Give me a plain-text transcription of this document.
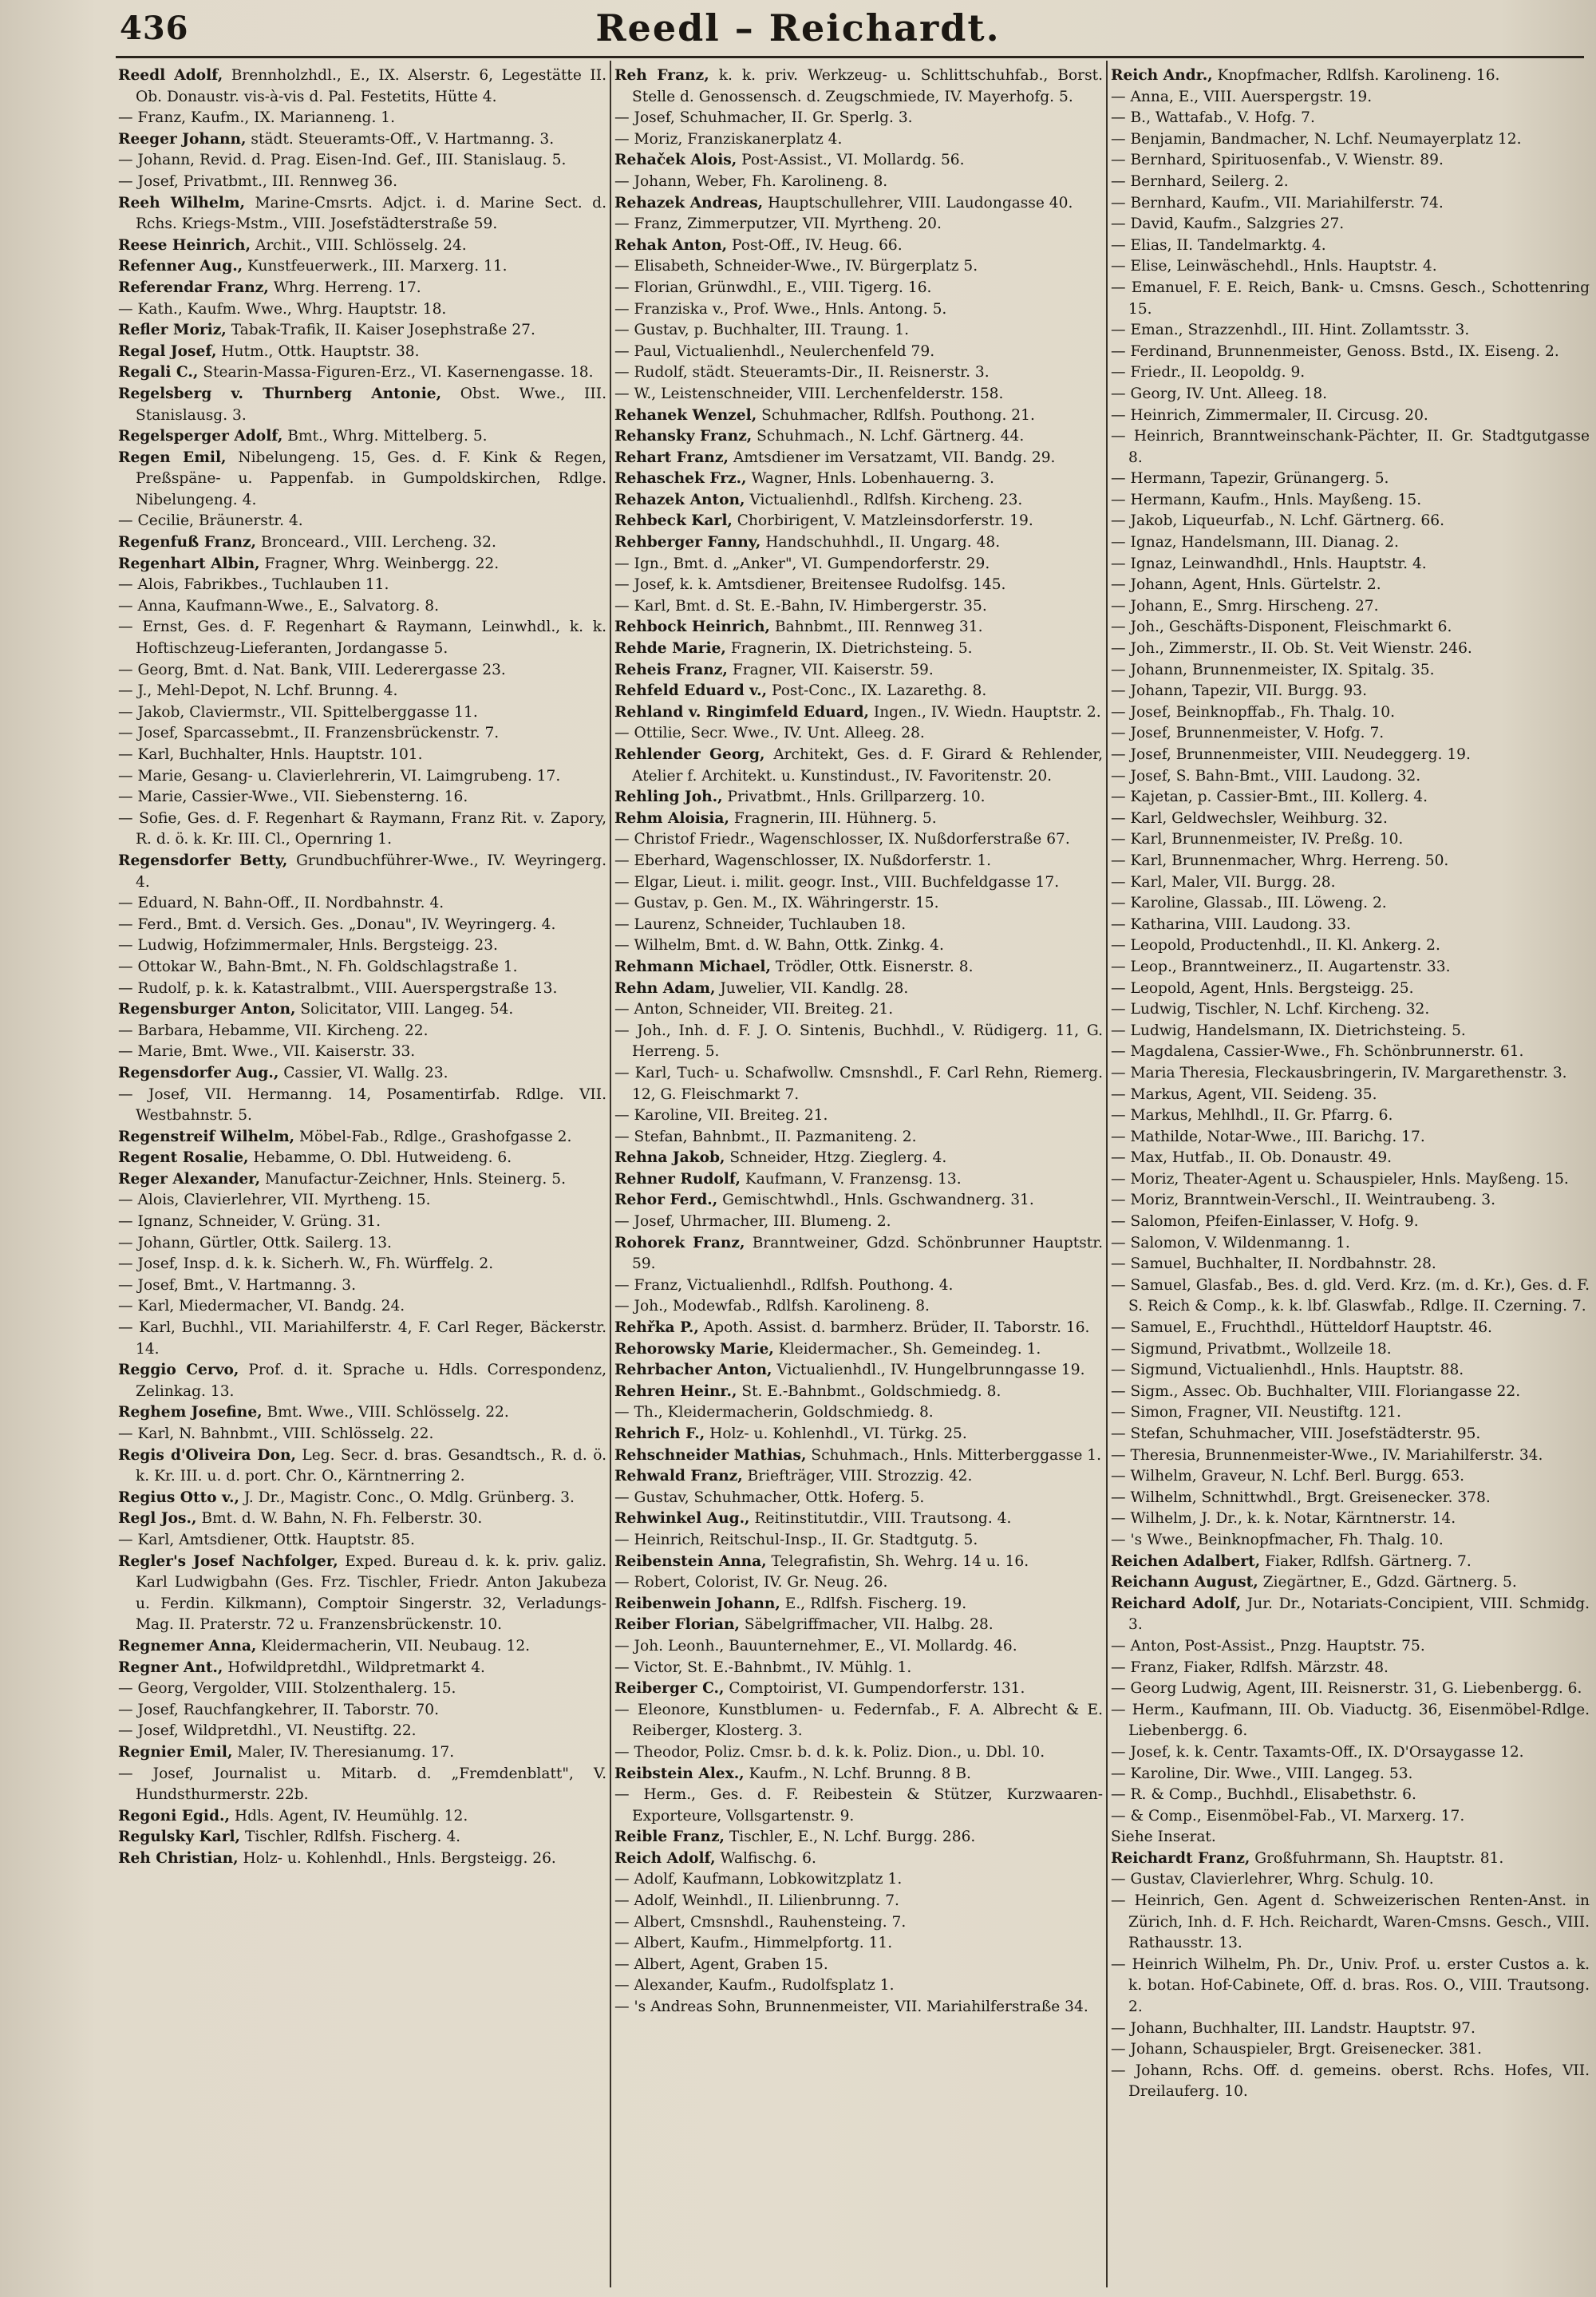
436	Reedl – Reichardt.

Reedl Adolf, Brennholzhdl., E., IX. Alserstr. 6, Legestätte II. Ob. Donaustr. vis-à-vis d. Pal. Festetits, Hütte 4.

— Franz, Kaufm., IX. Marianneng. 1.

Reeger Johann, städt. Steueramts-Off., V. Hartmanng. 3.

— Johann, Revid. d. Prag. Eisen-Ind. Gef., III. Stanislaug. 5.

— Josef, Privatbmt., III. Rennweg 36.

Reeh Wilhelm, Marine-Cmsrts. Adjct. i. d. Marine Sect. d. Rchs. Kriegs-Mstm., VIII. Josefstädterstraße 59.

Reese Heinrich, Archit., VIII. Schlösselg. 24.

Refenner Aug., Kunstfeuerwerk., III. Marxerg. 11.

Referendar Franz, Whrg. Herreng. 17.

— Kath., Kaufm. Wwe., Whrg. Hauptstr. 18.

Refler Moriz, Tabak-Trafik, II. Kaiser Josephstraße 27.

Regal Josef, Hutm., Ottk. Hauptstr. 38.

Regali C., Stearin-Massa-Figuren-Erz., VI. Kasernengasse. 18.

Regelsberg v. Thurnberg Antonie, Obst. Wwe., III. Stanislausg. 3.

Regelsperger Adolf, Bmt., Whrg. Mittelberg. 5.

Regen Emil, Nibelungeng. 15, Ges. d. F. Kink & Regen, Preßspäne- u. Pappenfab. in Gumpoldskirchen, Rdlge. Nibelungeng. 4.

— Cecilie, Bräunerstr. 4.

Regenfuß Franz, Bronceard., VIII. Lercheng. 32.

Regenhart Albin, Fragner, Whrg. Weinbergg. 22.

— Alois, Fabrikbes., Tuchlauben 11.

— Anna, Kaufmann-Wwe., E., Salvatorg. 8.

— Ernst, Ges. d. F. Regenhart & Raymann, Leinwhdl., k. k. Hoftischzeug-Lieferanten, Jordangasse 5.

— Georg, Bmt. d. Nat. Bank, VIII. Lederergasse 23.

— J., Mehl-Depot, N. Lchf. Brunng. 4.

— Jakob, Claviermstr., VII. Spittelberggasse 11.

— Josef, Sparcassebmt., II. Franzensbrückenstr. 7.

— Karl, Buchhalter, Hnls. Hauptstr. 101.

— Marie, Gesang- u. Clavierlehrerin, VI. Laimgrubeng. 17.

— Marie, Cassier-Wwe., VII. Siebensterng. 16.

— Sofie, Ges. d. F. Regenhart & Raymann, Franz Rit. v. Zapory, R. d. ö. k. Kr. III. Cl., Opernring 1.

Regensdorfer Betty, Grundbuchführer-Wwe., IV. Weyringerg. 4.

— Eduard, N. Bahn-Off., II. Nordbahnstr. 4.

— Ferd., Bmt. d. Versich. Ges. „Donau", IV. Weyringerg. 4.

— Ludwig, Hofzimmermaler, Hnls. Bergsteigg. 23.

— Ottokar W., Bahn-Bmt., N. Fh. Goldschlagstraße 1.

— Rudolf, p. k. k. Katastralbmt., VIII. Auerspergstraße 13.

Regensburger Anton, Solicitator, VIII. Langeg. 54.

— Barbara, Hebamme, VII. Kircheng. 22.

— Marie, Bmt. Wwe., VII. Kaiserstr. 33.

Regensdorfer Aug., Cassier, VI. Wallg. 23.

— Josef, VII. Hermanng. 14, Posamentirfab. Rdlge. VII. Westbahnstr. 5.

Regenstreif Wilhelm, Möbel-Fab., Rdlge., Grashofgasse 2.

Regent Rosalie, Hebamme, O. Dbl. Hutweideng. 6.

Reger Alexander, Manufactur-Zeichner, Hnls. Steinerg. 5.

— Alois, Clavierlehrer, VII. Myrtheng. 15.

— Ignanz, Schneider, V. Grüng. 31.

— Johann, Gürtler, Ottk. Sailerg. 13.

— Josef, Insp. d. k. k. Sicherh. W., Fh. Würffelg. 2.

— Josef, Bmt., V. Hartmanng. 3.

— Karl, Miedermacher, VI. Bandg. 24.

— Karl, Buchhl., VII. Mariahilferstr. 4, F. Carl Reger, Bäckerstr. 14.

Reggio Cervo, Prof. d. it. Sprache u. Hdls. Correspondenz, Zelinkag. 13.

Reghem Josefine, Bmt. Wwe., VIII. Schlösselg. 22.

— Karl, N. Bahnbmt., VIII. Schlösselg. 22.

Regis d'Oliveira Don, Leg. Secr. d. bras. Gesandtsch., R. d. ö. k. Kr. III. u. d. port. Chr. O., Kärntnerring 2.

Regius Otto v., J. Dr., Magistr. Conc., O. Mdlg. Grünberg. 3.

Regl Jos., Bmt. d. W. Bahn, N. Fh. Felberstr. 30.

— Karl, Amtsdiener, Ottk. Hauptstr. 85.

Regler's Josef Nachfolger, Exped. Bureau d. k. k. priv. galiz. Karl Ludwigbahn (Ges. Frz. Tischler, Friedr. Anton Jakubeza u. Ferdin. Kilkmann), Comptoir Singerstr. 32, Verladungs-Mag. II. Praterstr. 72 u. Franzensbrückenstr. 10.

Regnemer Anna, Kleidermacherin, VII. Neubaug. 12.

Regner Ant., Hofwildpretdhl., Wildpretmarkt 4.

— Georg, Vergolder, VIII. Stolzenthalerg. 15.

— Josef, Rauchfangkehrer, II. Taborstr. 70.

— Josef, Wildpretdhl., VI. Neustiftg. 22.

Regnier Emil, Maler, IV. Theresianumg. 17.

— Josef, Journalist u. Mitarb. d. „Fremdenblatt", V. Hundsthurmerstr. 22b.

Regoni Egid., Hdls. Agent, IV. Heumühlg. 12.

Regulsky Karl, Tischler, Rdlfsh. Fischerg. 4.

Reh Christian, Holz- u. Kohlenhdl., Hnls. Bergsteigg. 26.

Reh Franz, k. k. priv. Werkzeug- u. Schlittschuhfab., Borst. Stelle d. Genossensch. d. Zeugschmiede, IV. Mayerhofg. 5.

— Josef, Schuhmacher, II. Gr. Sperlg. 3.

— Moriz, Franziskanerplatz 4.

Rehaček Alois, Post-Assist., VI. Mollardg. 56.

— Johann, Weber, Fh. Karolineng. 8.

Rehazek Andreas, Hauptschullehrer, VIII. Laudongasse 40.

— Franz, Zimmerputzer, VII. Myrtheng. 20.

Rehak Anton, Post-Off., IV. Heug. 66.

— Elisabeth, Schneider-Wwe., IV. Bürgerplatz 5.

— Florian, Grünwdhl., E., VIII. Tigerg. 16.

— Franziska v., Prof. Wwe., Hnls. Antong. 5.

— Gustav, p. Buchhalter, III. Traung. 1.

— Paul, Victualienhdl., Neulerchenfeld 79.

— Rudolf, städt. Steueramts-Dir., II. Reisnerstr. 3.

— W., Leistenschneider, VIII. Lerchenfelderstr. 158.

Rehanek Wenzel, Schuhmacher, Rdlfsh. Pouthong. 21.

Rehansky Franz, Schuhmach., N. Lchf. Gärtnerg. 44.

Rehart Franz, Amtsdiener im Versatzamt, VII. Bandg. 29.

Rehaschek Frz., Wagner, Hnls. Lobenhauerng. 3.

Rehazek Anton, Victualienhdl., Rdlfsh. Kircheng. 23.

Rehbeck Karl, Chorbirigent, V. Matzleinsdorferstr. 19.

Rehberger Fanny, Handschuhhdl., II. Ungarg. 48.

— Ign., Bmt. d. „Anker", VI. Gumpendorferstr. 29.

— Josef, k. k. Amtsdiener, Breitensee Rudolfsg. 145.

— Karl, Bmt. d. St. E.-Bahn, IV. Himbergerstr. 35.

Rehbock Heinrich, Bahnbmt., III. Rennweg 31.

Rehde Marie, Fragnerin, IX. Dietrichsteing. 5.

Reheis Franz, Fragner, VII. Kaiserstr. 59.

Rehfeld Eduard v., Post-Conc., IX. Lazarethg. 8.

Rehland v. Ringimfeld Eduard, Ingen., IV. Wiedn. Hauptstr. 2.

— Ottilie, Secr. Wwe., IV. Unt. Alleeg. 28.

Rehlender Georg, Architekt, Ges. d. F. Girard & Rehlender, Atelier f. Architekt. u. Kunstindust., IV. Favoritenstr. 20.

Rehling Joh., Privatbmt., Hnls. Grillparzerg. 10.

Rehm Aloisia, Fragnerin, III. Hühnerg. 5.

— Christof Friedr., Wagenschlosser, IX. Nußdorferstraße 67.

— Eberhard, Wagenschlosser, IX. Nußdorferstr. 1.

— Elgar, Lieut. i. milit. geogr. Inst., VIII. Buchfeldgasse 17.

— Gustav, p. Gen. M., IX. Währingerstr. 15.

— Laurenz, Schneider, Tuchlauben 18.

— Wilhelm, Bmt. d. W. Bahn, Ottk. Zinkg. 4.

Rehmann Michael, Trödler, Ottk. Eisnerstr. 8.

Rehn Adam, Juwelier, VII. Kandlg. 28.

— Anton, Schneider, VII. Breiteg. 21.

— Joh., Inh. d. F. J. O. Sintenis, Buchhdl., V. Rüdigerg. 11, G. Herreng. 5.

— Karl, Tuch- u. Schafwollw. Cmsnshdl., F. Carl Rehn, Riemerg. 12, G. Fleischmarkt 7.

— Karoline, VII. Breiteg. 21.

— Stefan, Bahnbmt., II. Pazmaniteng. 2.

Rehna Jakob, Schneider, Htzg. Zieglerg. 4.

Rehner Rudolf, Kaufmann, V. Franzensg. 13.

Rehor Ferd., Gemischtwhdl., Hnls. Gschwandnerg. 31.

— Josef, Uhrmacher, III. Blumeng. 2.

Rohorek Franz, Branntweiner, Gdzd. Schönbrunner Hauptstr. 59.

— Franz, Victualienhdl., Rdlfsh. Pouthong. 4.

— Joh., Modewfab., Rdlfsh. Karolineng. 8.

Rehřka P., Apoth. Assist. d. barmherz. Brüder, II. Taborstr. 16.

Rehorowsky Marie, Kleidermacher., Sh. Gemeindeg. 1.

Rehrbacher Anton, Victualienhdl., IV. Hungelbrunngasse 19.

Rehren Heinr., St. E.-Bahnbmt., Goldschmiedg. 8.

— Th., Kleidermacherin, Goldschmiedg. 8.

Rehrich F., Holz- u. Kohlenhdl., VI. Türkg. 25.

Rehschneider Mathias, Schuhmach., Hnls. Mitterberggasse 1.

Rehwald Franz, Briefträger, VIII. Strozzig. 42.

— Gustav, Schuhmacher, Ottk. Hoferg. 5.

Rehwinkel Aug., Reitinstitutdir., VIII. Trautsong. 4.

— Heinrich, Reitschul-Insp., II. Gr. Stadtgutg. 5.

Reibenstein Anna, Telegrafistin, Sh. Wehrg. 14 u. 16.

— Robert, Colorist, IV. Gr. Neug. 26.

Reibenwein Johann, E., Rdlfsh. Fischerg. 19.

Reiber Florian, Säbelgriffmacher, VII. Halbg. 28.

— Joh. Leonh., Bauunternehmer, E., VI. Mollardg. 46.

— Victor, St. E.-Bahnbmt., IV. Mühlg. 1.

Reiberger C., Comptoirist, VI. Gumpendorferstr. 131.

— Eleonore, Kunstblumen- u. Federnfab., F. A. Albrecht & E. Reiberger, Klosterg. 3.

— Theodor, Poliz. Cmsr. b. d. k. k. Poliz. Dion., u. Dbl. 10.

Reibstein Alex., Kaufm., N. Lchf. Brunng. 8 B.

— Herm., Ges. d. F. Reibestein & Stützer, Kurzwaaren-Exporteure, Vollsgartenstr. 9.

Reible Franz, Tischler, E., N. Lchf. Burgg. 286.

Reich Adolf, Walfischg. 6.

— Adolf, Kaufmann, Lobkowitzplatz 1.

— Adolf, Weinhdl., II. Lilienbrunng. 7.

— Albert, Cmsnshdl., Rauhensteing. 7.

— Albert, Kaufm., Himmelpfortg. 11.

— Albert, Agent, Graben 15.

— Alexander, Kaufm., Rudolfsplatz 1.

— 's Andreas Sohn, Brunnenmeister, VII. Mariahilferstraße 34.

Reich Andr., Knopfmacher, Rdlfsh. Karolineng. 16.

— Anna, E., VIII. Auerspergstr. 19.

— B., Wattafab., V. Hofg. 7.

— Benjamin, Bandmacher, N. Lchf. Neumayerplatz 12.

— Bernhard, Spirituosenfab., V. Wienstr. 89.

— Bernhard, Seilerg. 2.

— Bernhard, Kaufm., VII. Mariahilferstr. 74.

— David, Kaufm., Salzgries 27.

— Elias, II. Tandelmarktg. 4.

— Elise, Leinwäschehdl., Hnls. Hauptstr. 4.

— Emanuel, F. E. Reich, Bank- u. Cmsns. Gesch., Schottenring 15.

— Eman., Strazzenhdl., III. Hint. Zollamtsstr. 3.

— Ferdinand, Brunnenmeister, Genoss. Bstd., IX. Eiseng. 2.

— Friedr., II. Leopoldg. 9.

— Georg, IV. Unt. Alleeg. 18.

— Heinrich, Zimmermaler, II. Circusg. 20.

— Heinrich, Branntweinschank-Pächter, II. Gr. Stadtgutgasse 8.

— Hermann, Tapezir, Grünangerg. 5.

— Hermann, Kaufm., Hnls. Mayßeng. 15.

— Jakob, Liqueurfab., N. Lchf. Gärtnerg. 66.

— Ignaz, Handelsmann, III. Dianag. 2.

— Ignaz, Leinwandhdl., Hnls. Hauptstr. 4.

— Johann, Agent, Hnls. Gürtelstr. 2.

— Johann, E., Smrg. Hirscheng. 27.

— Joh., Geschäfts-Disponent, Fleischmarkt 6.

— Joh., Zimmerstr., II. Ob. St. Veit Wienstr. 246.

— Johann, Brunnenmeister, IX. Spitalg. 35.

— Johann, Tapezir, VII. Burgg. 93.

— Josef, Beinknopffab., Fh. Thalg. 10.

— Josef, Brunnenmeister, V. Hofg. 7.

— Josef, Brunnenmeister, VIII. Neudeggerg. 19.

— Josef, S. Bahn-Bmt., VIII. Laudong. 32.

— Kajetan, p. Cassier-Bmt., III. Kollerg. 4.

— Karl, Geldwechsler, Weihburg. 32.

— Karl, Brunnenmeister, IV. Preßg. 10.

— Karl, Brunnenmacher, Whrg. Herreng. 50.

— Karl, Maler, VII. Burgg. 28.

— Karoline, Glassab., III. Löweng. 2.

— Katharina, VIII. Laudong. 33.

— Leopold, Productenhdl., II. Kl. Ankerg. 2.

— Leop., Branntweinerz., II. Augartenstr. 33.

— Leopold, Agent, Hnls. Bergsteigg. 25.

— Ludwig, Tischler, N. Lchf. Kircheng. 32.

— Ludwig, Handelsmann, IX. Dietrichsteing. 5.

— Magdalena, Cassier-Wwe., Fh. Schönbrunnerstr. 61.

— Maria Theresia, Fleckausbringerin, IV. Margarethenstr. 3.

— Markus, Agent, VII. Seideng. 35.

— Markus, Mehlhdl., II. Gr. Pfarrg. 6.

— Mathilde, Notar-Wwe., III. Barichg. 17.

— Max, Hutfab., II. Ob. Donaustr. 49.

— Moriz, Theater-Agent u. Schauspieler, Hnls. Mayßeng. 15.

— Moriz, Branntwein-Verschl., II. Weintraubeng. 3.

— Salomon, Pfeifen-Einlasser, V. Hofg. 9.

— Salomon, V. Wildenmanng. 1.

— Samuel, Buchhalter, II. Nordbahnstr. 28.

— Samuel, Glasfab., Bes. d. gld. Verd. Krz. (m. d. Kr.), Ges. d. F. S. Reich & Comp., k. k. lbf. Glaswfab., Rdlge. II. Czerning. 7.

— Samuel, E., Fruchthdl., Hütteldorf Hauptstr. 46.

— Sigmund, Privatbmt., Wollzeile 18.

— Sigmund, Victualienhdl., Hnls. Hauptstr. 88.

— Sigm., Assec. Ob. Buchhalter, VIII. Floriangasse 22.

— Simon, Fragner, VII. Neustiftg. 121.

— Stefan, Schuhmacher, VIII. Josefstädterstr. 95.

— Theresia, Brunnenmeister-Wwe., IV. Mariahilferstr. 34.

— Wilhelm, Graveur, N. Lchf. Berl. Burgg. 653.

— Wilhelm, Schnittwhdl., Brgt. Greisenecker. 378.

— Wilhelm, J. Dr., k. k. Notar, Kärntnerstr. 14.

— 's Wwe., Beinknopfmacher, Fh. Thalg. 10.

Reichen Adalbert, Fiaker, Rdlfsh. Gärtnerg. 7.

Reichann August, Ziegärtner, E., Gdzd. Gärtnerg. 5.

Reichard Adolf, Jur. Dr., Notariats-Concipient, VIII. Schmidg. 3.

— Anton, Post-Assist., Pnzg. Hauptstr. 75.

— Franz, Fiaker, Rdlfsh. Märzstr. 48.

— Georg Ludwig, Agent, III. Reisnerstr. 31, G. Liebenbergg. 6.

— Herm., Kaufmann, III. Ob. Viaductg. 36, Eisenmöbel-Rdlge. Liebenbergg. 6.

— Josef, k. k. Centr. Taxamts-Off., IX. D'Orsaygasse 12.

— Karoline, Dir. Wwe., VIII. Langeg. 53.

— R. & Comp., Buchhdl., Elisabethstr. 6.

— & Comp., Eisenmöbel-Fab., VI. Marxerg. 17.

Siehe Inserat.

Reichardt Franz, Großfuhrmann, Sh. Hauptstr. 81.

— Gustav, Clavierlehrer, Whrg. Schulg. 10.

— Heinrich, Gen. Agent d. Schweizerischen Renten-Anst. in Zürich, Inh. d. F. Hch. Reichardt, Waren-Cmsns. Gesch., VIII. Rathausstr. 13.

— Heinrich Wilhelm, Ph. Dr., Univ. Prof. u. erster Custos a. k. k. botan. Hof-Cabinete, Off. d. bras. Ros. O., VIII. Trautsong. 2.

— Johann, Buchhalter, III. Landstr. Hauptstr. 97.

— Johann, Schauspieler, Brgt. Greisenecker. 381.

— Johann, Rchs. Off. d. gemeins. oberst. Rchs. Hofes, VII. Dreilauferg. 10.
